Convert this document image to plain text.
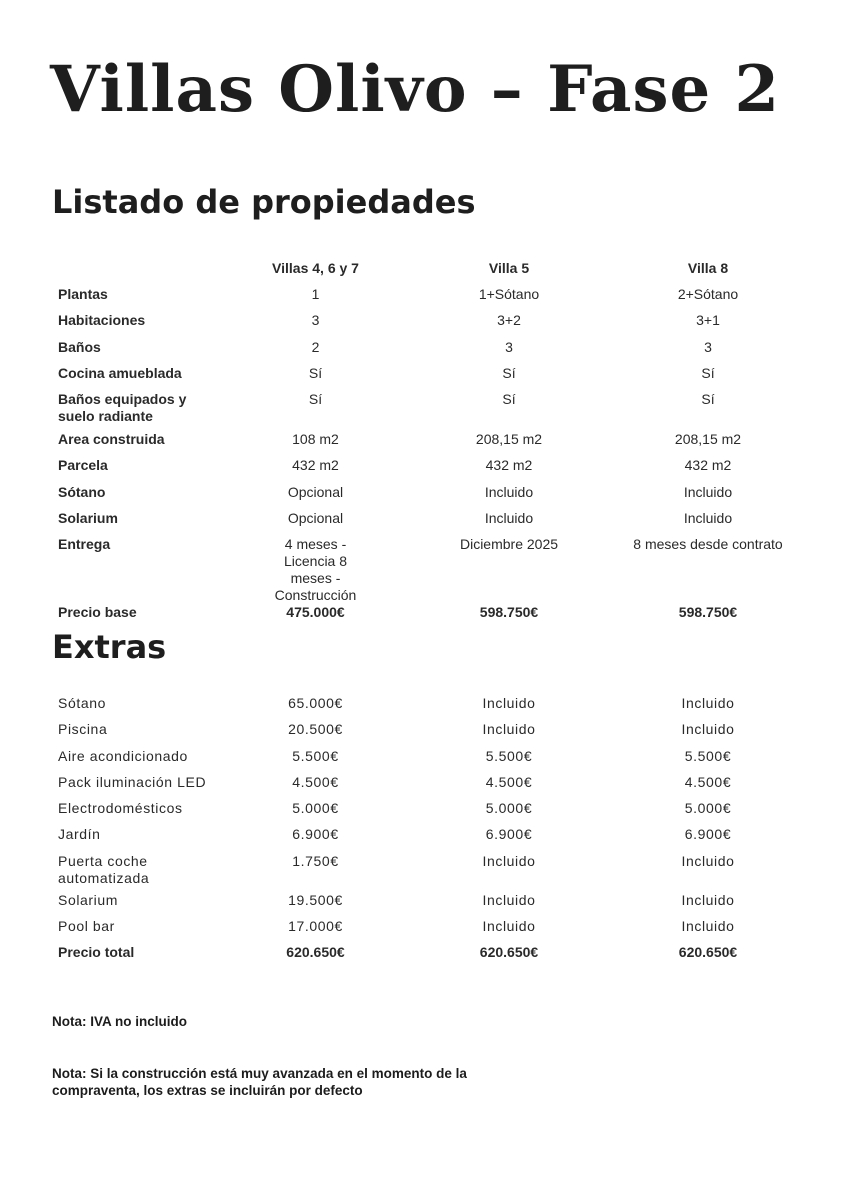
Villas Olivo – Fase 2
Listado de propiedades
	Villas 4, 6 y 7	Villa 5	Villa 8
Plantas	1	1+Sótano	2+Sótano
Habitaciones	3	3+2	3+1
Baños	2	3	3
Cocina amueblada	Sí	Sí	Sí
Baños equipados y suelo radiante	Sí	Sí	Sí
Area construida	108 m2	208,15 m2	208,15 m2
Parcela	432 m2	432 m2	432 m2
Sótano	Opcional	Incluido	Incluido
Solarium	Opcional	Incluido	Incluido
Entrega	4 meses - Licencia 8 meses - Construcción	Diciembre 2025	8 meses desde contrato
Precio base	475.000€	598.750€	598.750€
Extras
Sótano	65.000€	Incluido	Incluido
Piscina	20.500€	Incluido	Incluido
Aire acondicionado	5.500€	5.500€	5.500€
Pack iluminación LED	4.500€	4.500€	4.500€
Electrodomésticos	5.000€	5.000€	5.000€
Jardín	6.900€	6.900€	6.900€
Puerta coche automatizada	1.750€	Incluido	Incluido
Solarium	19.500€	Incluido	Incluido
Pool bar	17.000€	Incluido	Incluido
Precio total	620.650€	620.650€	620.650€
Nota: IVA no incluido
Nota: Si la construcción está muy avanzada en el momento de la compraventa, los extras se incluirán por defecto
